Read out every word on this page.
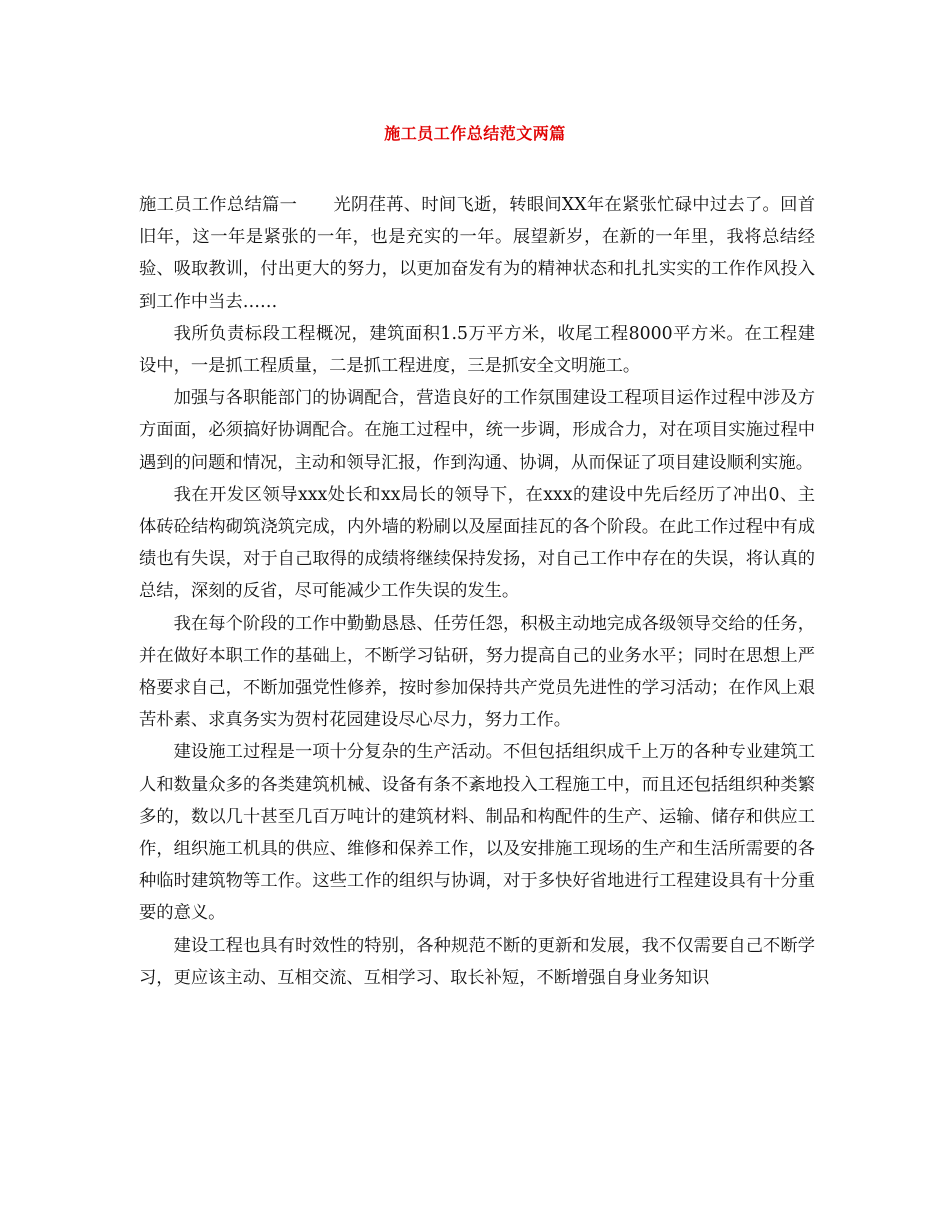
施工员工作总结范文两篇

施工员工作总结篇一 光阴荏苒、时间飞逝，转眼间XX年在紧张忙碌中过去了。回首旧年，这一年是紧张的一年，也是充实的一年。展望新岁，在新的一年里，我将总结经验、吸取教训，付出更大的努力，以更加奋发有为的精神状态和扎扎实实的工作作风投入到工作中当去……

我所负责标段工程概况，建筑面积1.5万平方米，收尾工程8000平方米。在工程建设中，一是抓工程质量，二是抓工程进度，三是抓安全文明施工。

加强与各职能部门的协调配合，营造良好的工作氛围建设工程项目运作过程中涉及方方面面，必须搞好协调配合。在施工过程中，统一步调，形成合力，对在项目实施过程中遇到的问题和情况，主动和领导汇报，作到沟通、协调，从而保证了项目建设顺利实施。

我在开发区领导xxx处长和xx局长的领导下，在xxx的建设中先后经历了冲出0、主体砖砼结构砌筑浇筑完成，内外墙的粉刷以及屋面挂瓦的各个阶段。在此工作过程中有成绩也有失误，对于自己取得的成绩将继续保持发扬，对自己工作中存在的失误，将认真的总结，深刻的反省，尽可能减少工作失误的发生。

我在每个阶段的工作中勤勤恳恳、任劳任怨，积极主动地完成各级领导交给的任务，并在做好本职工作的基础上，不断学习钻研，努力提高自己的业务水平；同时在思想上严格要求自己，不断加强党性修养，按时参加保持共产党员先进性的学习活动；在作风上艰苦朴素、求真务实为贺村花园建设尽心尽力，努力工作。

建设施工过程是一项十分复杂的生产活动。不但包括组织成千上万的各种专业建筑工人和数量众多的各类建筑机械、设备有条不紊地投入工程施工中，而且还包括组织种类繁多的，数以几十甚至几百万吨计的建筑材料、制品和构配件的生产、运输、储存和供应工作，组织施工机具的供应、维修和保养工作，以及安排施工现场的生产和生活所需要的各种临时建筑物等工作。这些工作的组织与协调，对于多快好省地进行工程建设具有十分重要的意义。

建设工程也具有时效性的特别，各种规范不断的更新和发展，我不仅需要自己不断学习，更应该主动、互相交流、互相学习、取长补短，不断增强自身业务知识
